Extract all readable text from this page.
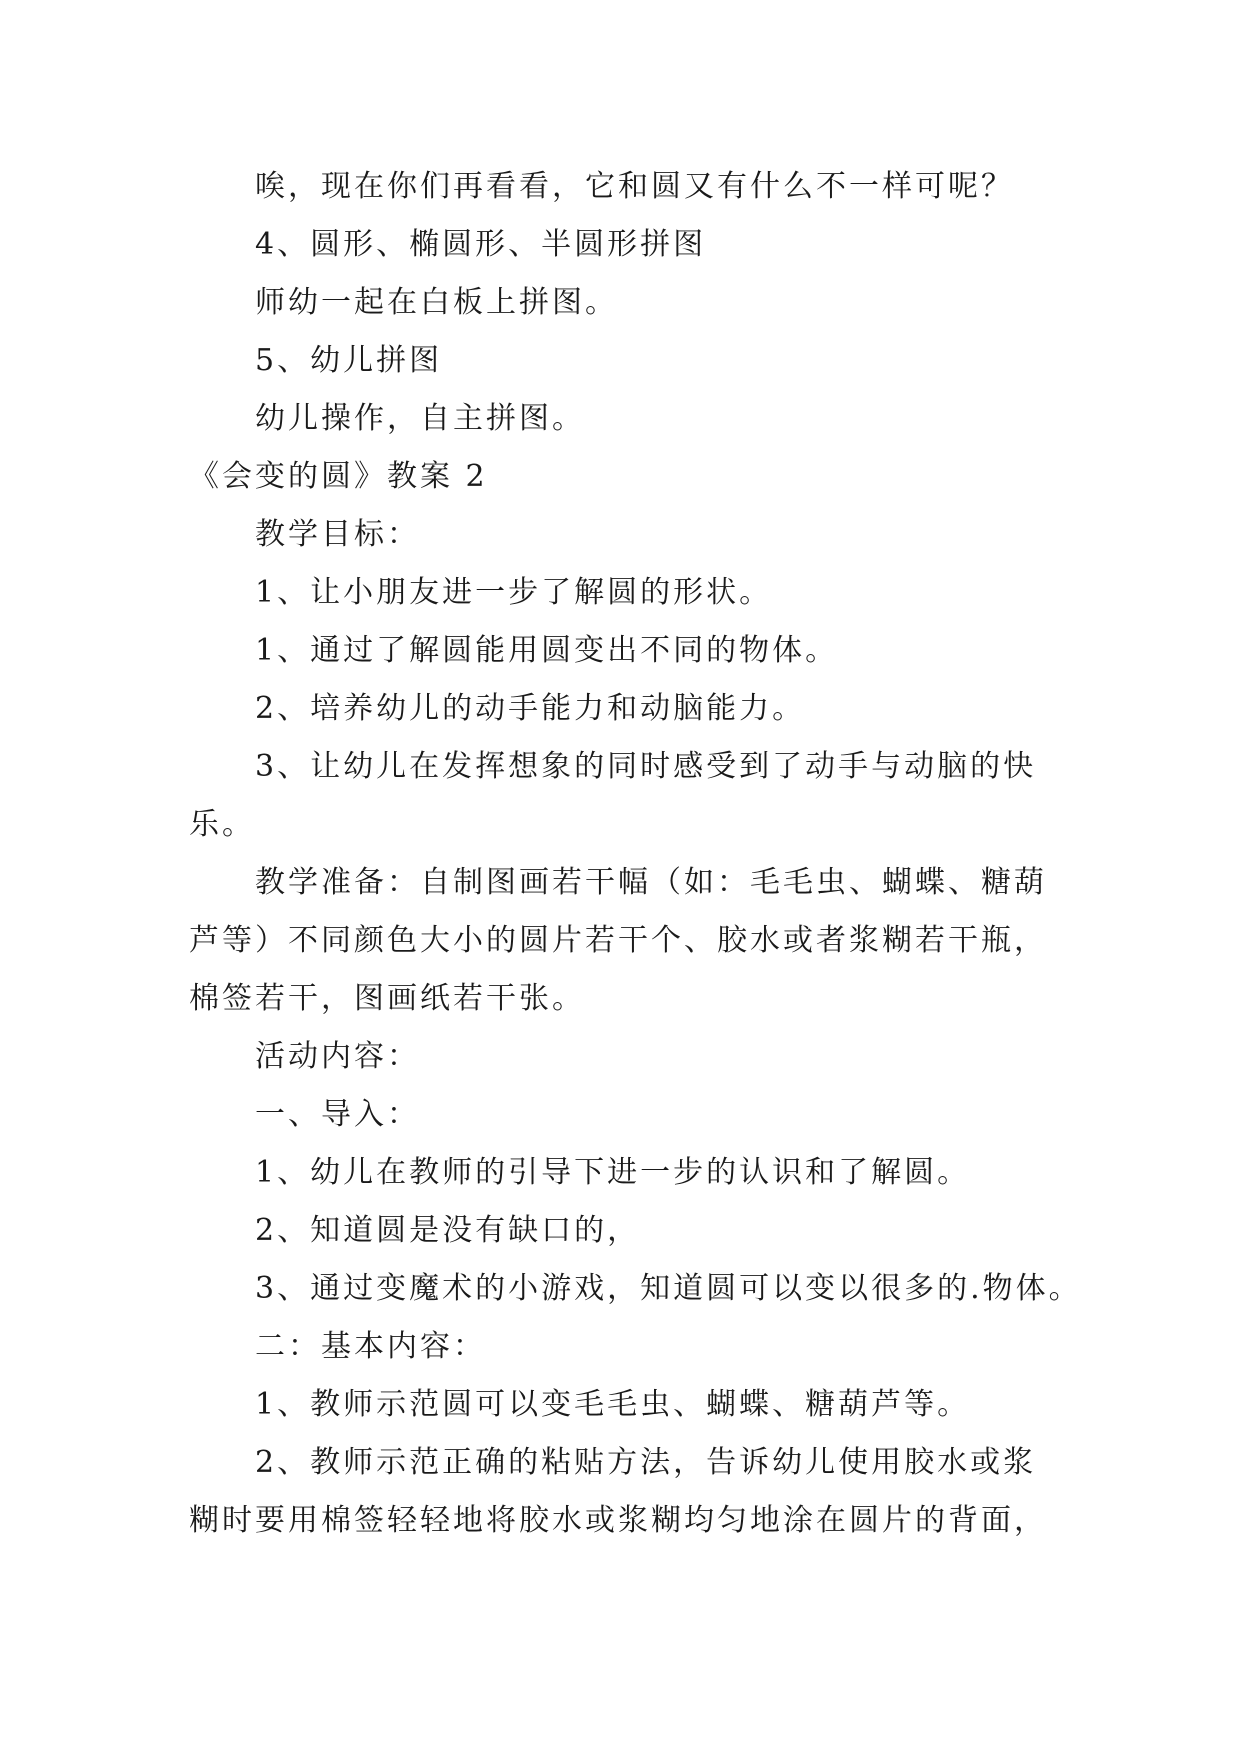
唉，现在你们再看看，它和圆又有什么不一样可呢？
4、圆形、椭圆形、半圆形拼图
师幼一起在白板上拼图。
5、幼儿拼图
幼儿操作，自主拼图。
《会变的圆》教案 2
教学目标：
1、让小朋友进一步了解圆的形状。
1、通过了解圆能用圆变出不同的物体。
2、培养幼儿的动手能力和动脑能力。
3、让幼儿在发挥想象的同时感受到了动手与动脑的快
乐。
教学准备：自制图画若干幅（如：毛毛虫、蝴蝶、糖葫
芦等）不同颜色大小的圆片若干个、胶水或者浆糊若干瓶，
棉签若干，图画纸若干张。
活动内容：
一、导入：
1、幼儿在教师的引导下进一步的认识和了解圆。
2、知道圆是没有缺口的，
3、通过变魔术的小游戏，知道圆可以变以很多的.物体。
二：基本内容：
1、教师示范圆可以变毛毛虫、蝴蝶、糖葫芦等。
2、教师示范正确的粘贴方法，告诉幼儿使用胶水或浆
糊时要用棉签轻轻地将胶水或浆糊均匀地涂在圆片的背面，
